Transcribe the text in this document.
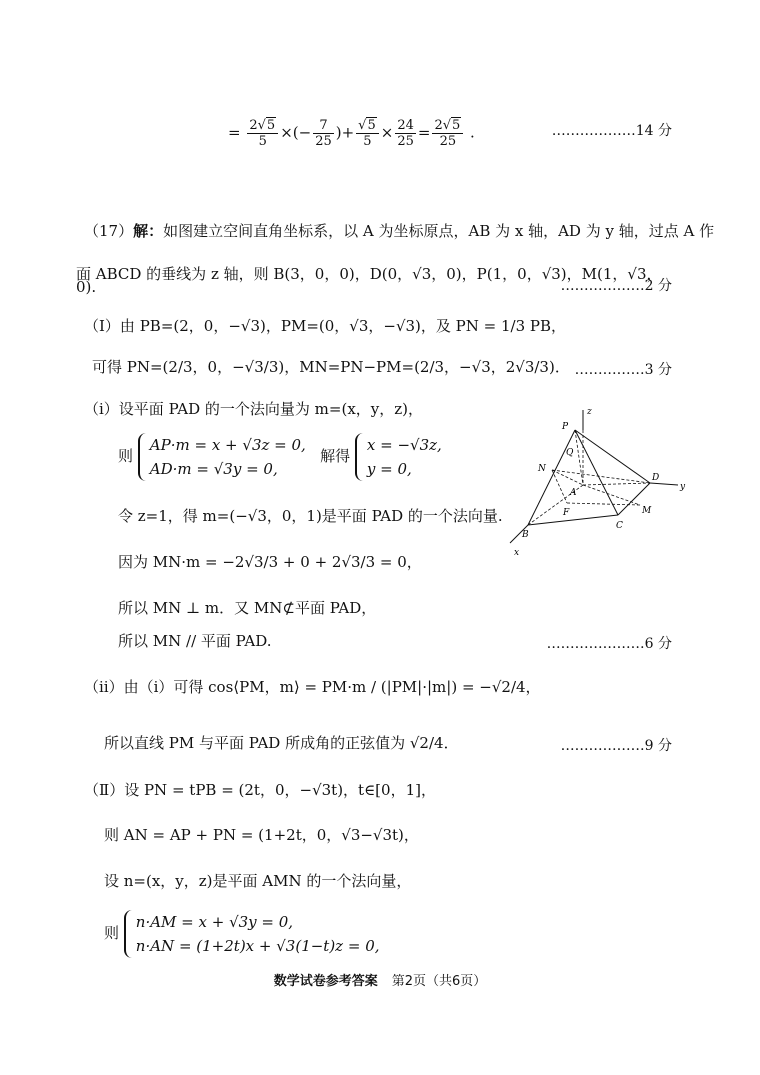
= $\frac{2√5}{5}$ ×(− $\frac{7}{25}$ )+ $\frac{√5}{5} \times \frac{24}{25} = \frac{2√5}{25}$ .	………………14 分
（17）解：如图建立空间直角坐标系，以 A 为坐标原点，AB 为 x 轴，AD 为 y 轴，过点 A 作
面 ABCD 的垂线为 z 轴，则 B(3，0，0)，D(0，√3，0)，P(1，0，√3)，M(1，√3，
0).	………………2 分
（Ⅰ）由 PB=(2，0，−√3)，PM=(0，√3，−√3)，及 PN = 1/3 PB，
可得 PN=(2/3，0，−√3/3)，MN=PN−PM=(2/3，−√3，2√3/3)． ……………3 分
（ⅰ）设平面 PAD 的一个法向量为 m=(x，y，z)，
则
AP·m = x + √3z = 0,
AD·m = √3y = 0,
解得
x = −√3z,
y = 0,
令 z=1，得 m=(−√3，0，1)是平面 PAD 的一个法向量.
因为 MN·m = −2√3/3 + 0 + 2√3/3 = 0，
所以 MN ⊥ m．又 MN⊄平面 PAD，
所以 MN // 平面 PAD.	…………………6 分
P
z
Q
N
A
D
y
F	M
B
C
x
（ⅱ）由（ⅰ）可得 cos⟨PM，m⟩ = PM·m / (|PM|·|m|) = −√2/4，
所以直线 PM 与平面 PAD 所成角的正弦值为 √2/4．	………………9 分
（Ⅱ）设 PN = tPB = (2t，0，−√3t)，t∈[0，1]，
则 AN = AP + PN = (1+2t，0，√3−√3t)，
设 n=(x，y，z)是平面 AMN 的一个法向量，
则
n·AM = x + √3y = 0,
n·AN = (1+2t)x + √3(1−t)z = 0,
数学试卷参考答案 第2页（共6页）
